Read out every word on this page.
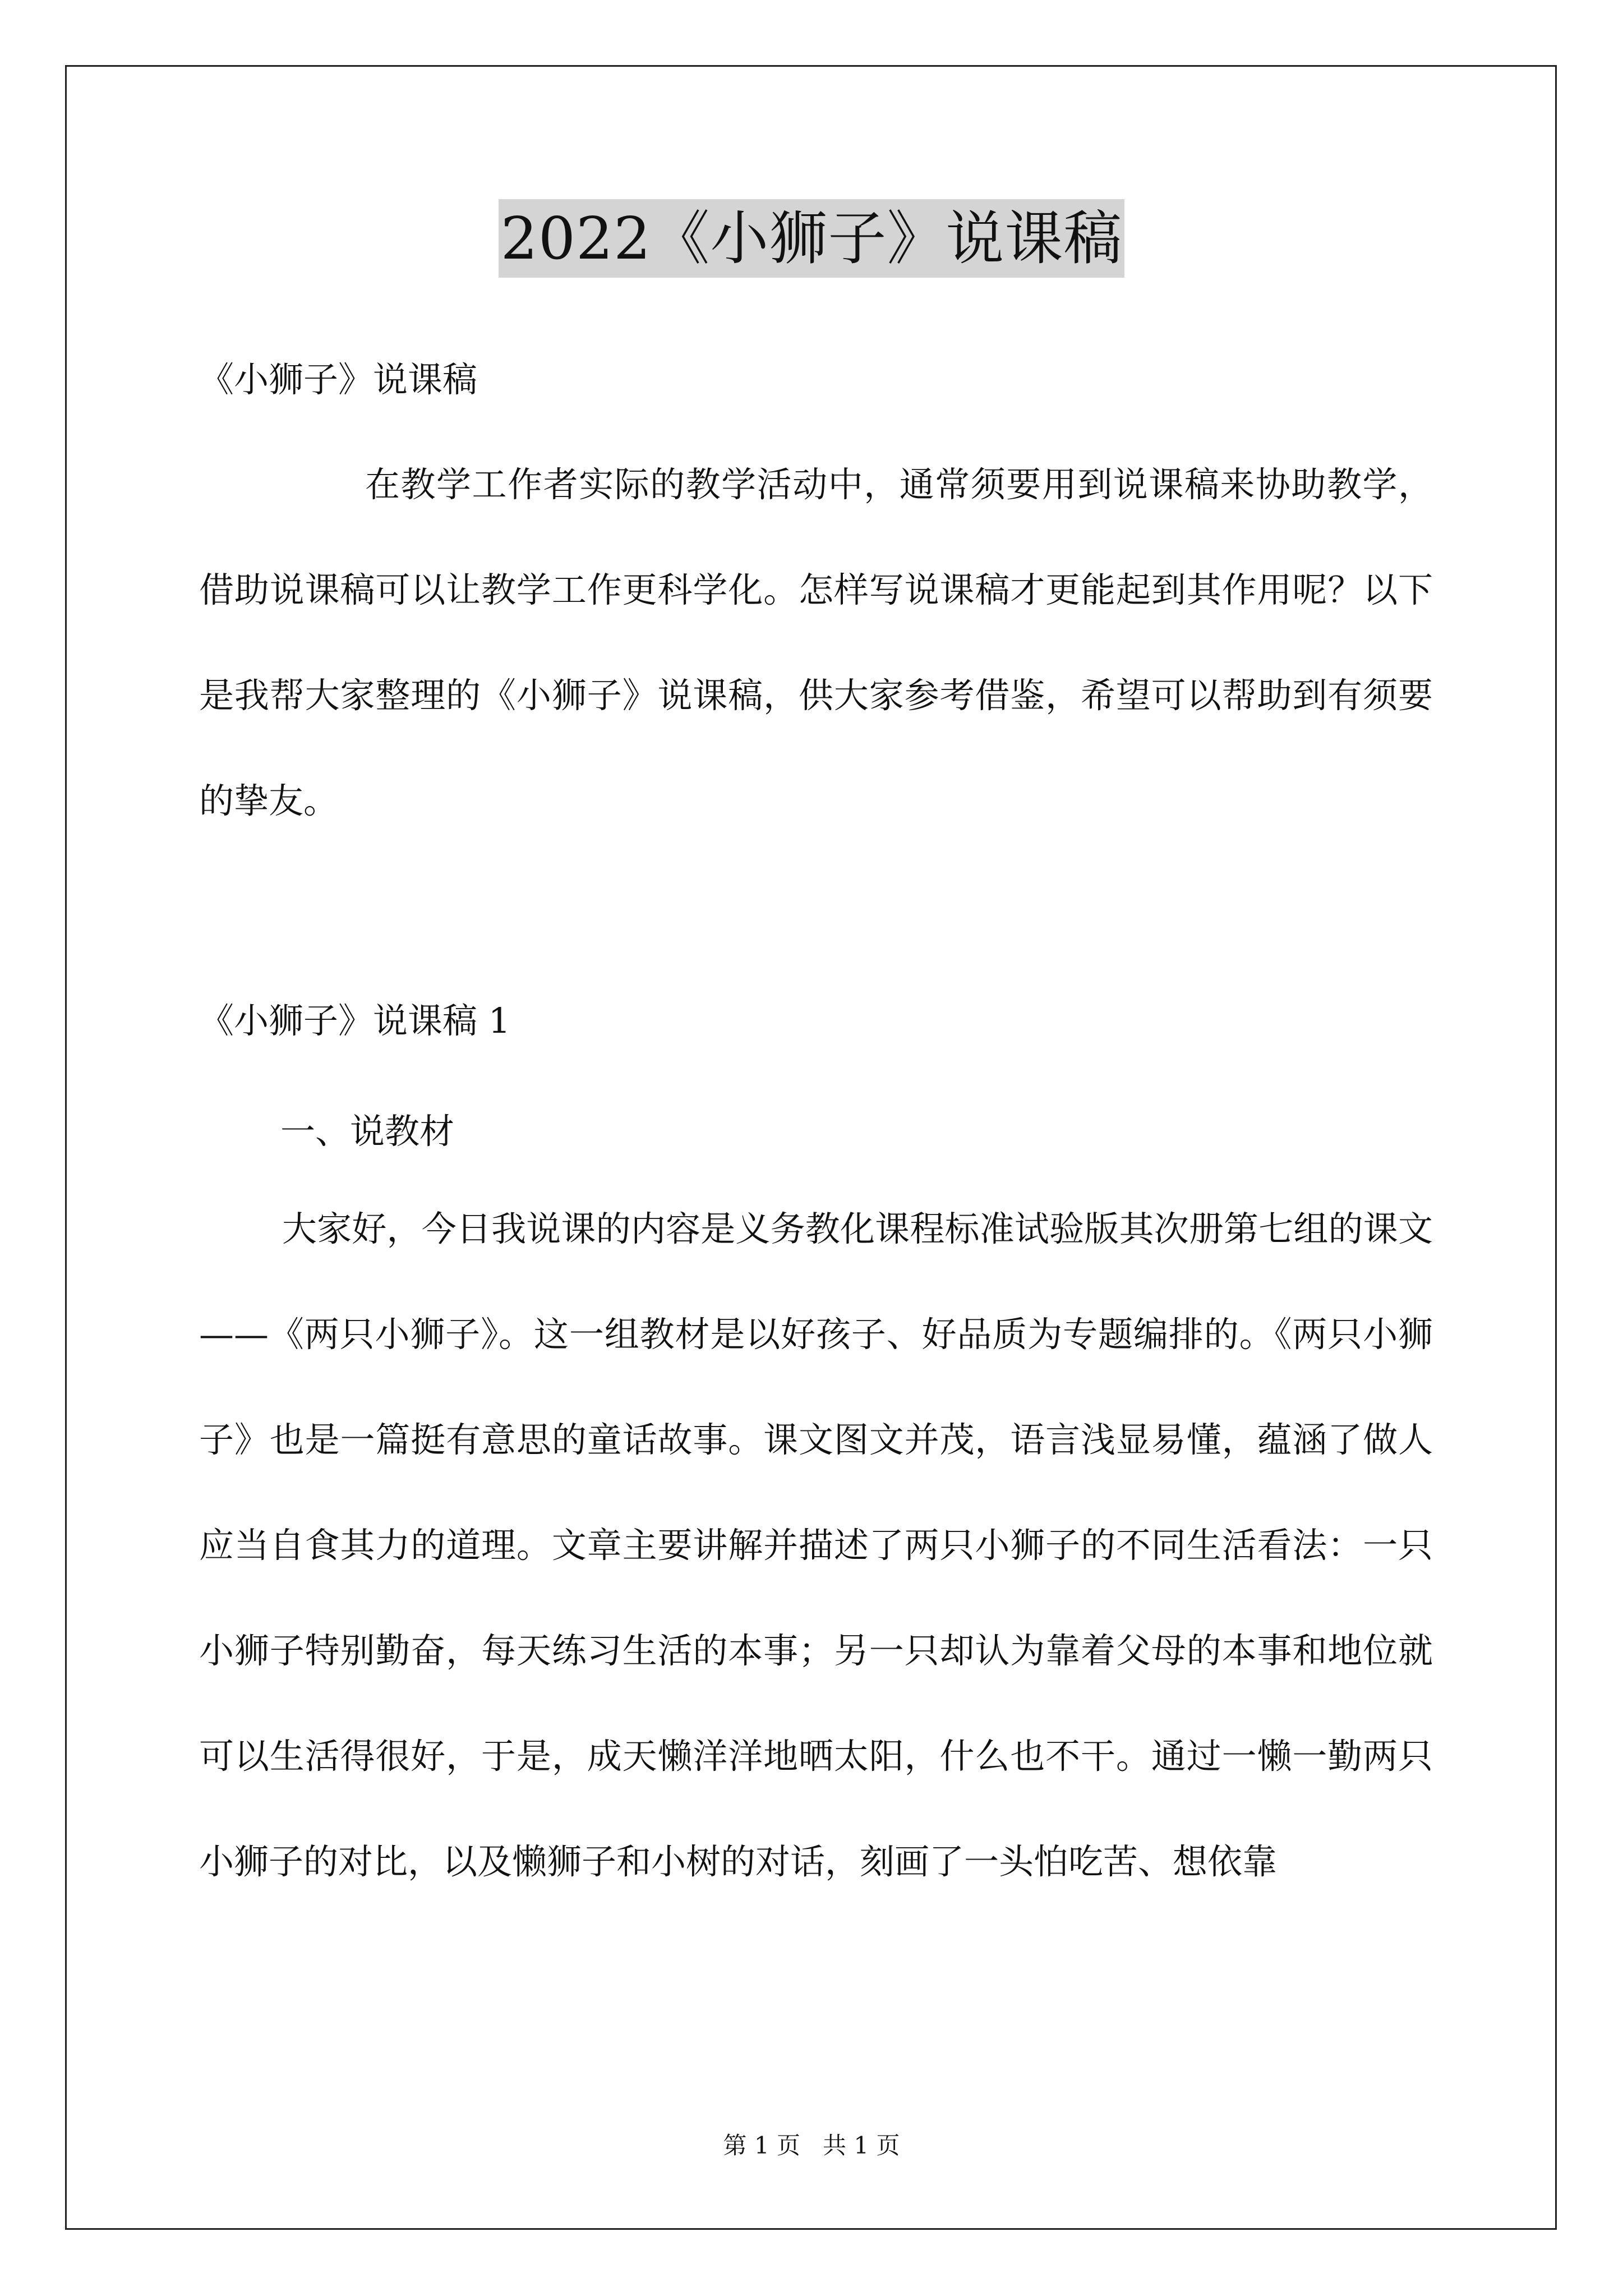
2022《小狮子》说课稿
《小狮子》说课稿
在教学工作者实际的教学活动中，通常须要用到说课稿来协助教学，借助说课稿可以让教学工作更科学化。怎样写说课稿才更能起到其作用呢？以下是我帮大家整理的《小狮子》说课稿，供大家参考借鉴，希望可以帮助到有须要的挚友。
《小狮子》说课稿 1
一、说教材
大家好，今日我说课的内容是义务教化课程标准试验版其次册第七组的课文——《两只小狮子》。这一组教材是以好孩子、好品质为专题编排的。《两只小狮子》也是一篇挺有意思的童话故事。课文图文并茂，语言浅显易懂，蕴涵了做人应当自食其力的道理。文章主要讲解并描述了两只小狮子的不同生活看法：一只小狮子特别勤奋，每天练习生活的本事；另一只却认为靠着父母的本事和地位就可以生活得很好，于是，成天懒洋洋地晒太阳，什么也不干。通过一懒一勤两只小狮子的对比，以及懒狮子和小树的对话，刻画了一头怕吃苦、想依靠
第 1 页   共 1 页
